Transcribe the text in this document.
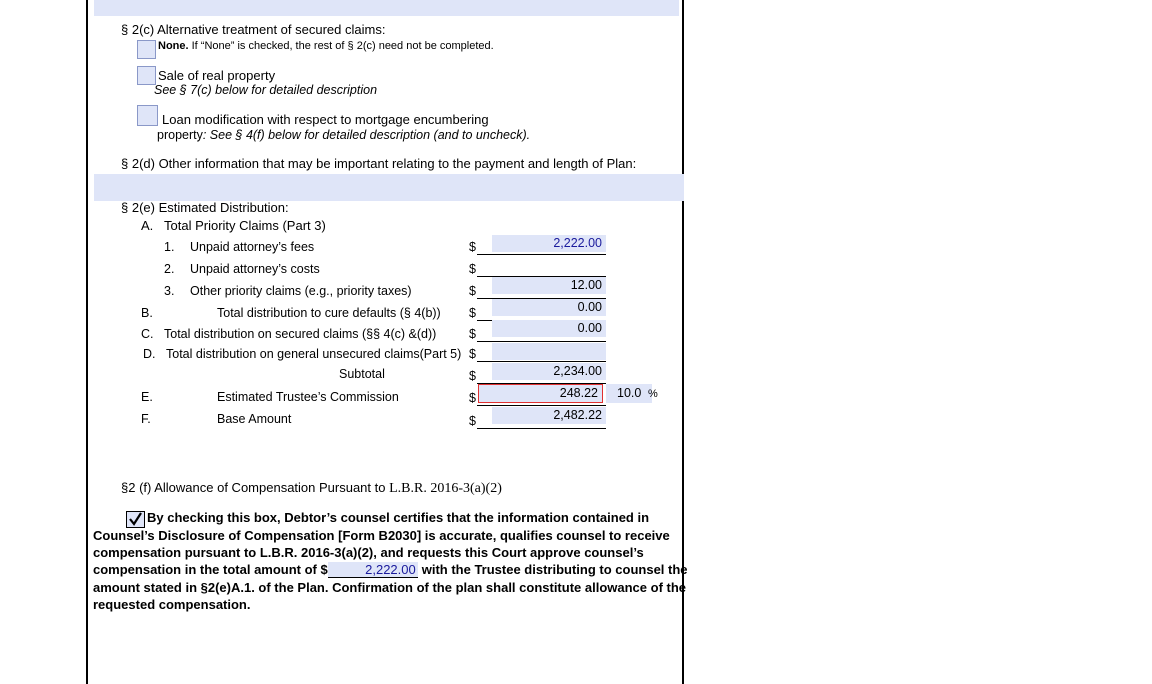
§ 2(c) Alternative treatment of secured claims:
None. If “None” is checked, the rest of § 2(c) need not be completed.
Sale of real property
See § 7(c) below for detailed description
Loan modification with respect to mortgage encumbering
property: See § 4(f) below for detailed description (and to uncheck).
§ 2(d) Other information that may be important relating to the payment and length of Plan:
§ 2(e) Estimated Distribution:
A. Total Priority Claims (Part 3)
1. Unpaid attorney’s fees	$	2,222.00
2. Unpaid attorney’s costs	$
3. Other priority claims (e.g., priority taxes)	$	12.00
B.	Total distribution to cure defaults (§ 4(b)) $	0.00
C. Total distribution on secured claims (§§ 4(c) &(d))	$	0.00
D. Total distribution on general unsecured claims(Part 5) $
Subtotal	$	2,234.00
E.	Estimated Trustee’s Commission	$	248.22	10.0 %
F.	Base Amount	$	2,482.22
§2 (f) Allowance of Compensation Pursuant to L.B.R. 2016-3(a)(2)
By checking this box, Debtor’s counsel certifies that the information contained in
Counsel’s Disclosure of Compensation [Form B2030] is accurate, qualifies counsel to receive
compensation pursuant to L.B.R. 2016-3(a)(2), and requests this Court approve counsel’s
compensation in the total amount of $	2,222.00 with the Trustee distributing to counsel the
amount stated in §2(e)A.1. of the Plan. Confirmation of the plan shall constitute allowance of the
requested compensation.
